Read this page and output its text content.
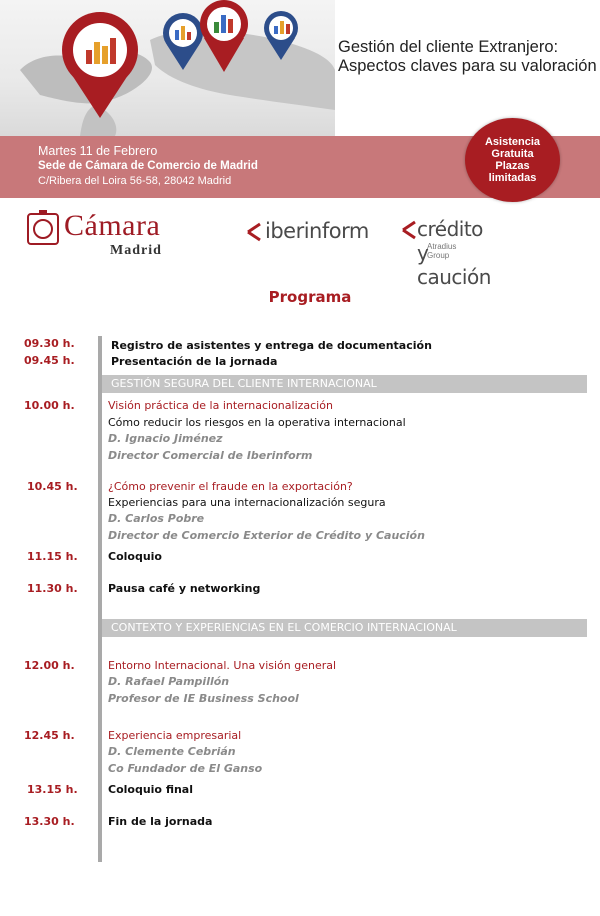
Gestión del cliente Extranjero: Aspectos claves para su valoración
Martes 11 de Febrero
Sede de Cámara de Comercio de Madrid
C/Ribera del Loira 56-58, 28042 Madrid
Asistencia
Gratuita
Plazas
limitadas
Cámara
Madrid
iberinform crédito y caución
Atradius Group
Programa
09.30 h.	Registro de asistentes y entrega de documentación
09.45 h.	Presentación de la jornada
GESTIÓN SEGURA DEL CLIENTE INTERNACIONAL
10.00 h.	Visión práctica de la internacionalización
Cómo reducir los riesgos en la operativa internacional
D. Ignacio Jiménez
Director Comercial de Iberinform
10.45 h.	¿Cómo prevenir el fraude en la exportación?
Experiencias para una internacionalización segura
D. Carlos Pobre
Director de Comercio Exterior de Crédito y Caución
11.15 h.	Coloquio
11.30 h.	Pausa café y networking
CONTEXTO Y EXPERIENCIAS EN EL COMERCIO INTERNACIONAL
12.00 h.	Entorno Internacional. Una visión general
D. Rafael Pampillón
Profesor de IE Business School
12.45 h.	Experiencia empresarial
D. Clemente Cebrián
Co Fundador de El Ganso
13.15 h.	Coloquio final
13.30 h.	Fin de la jornada
